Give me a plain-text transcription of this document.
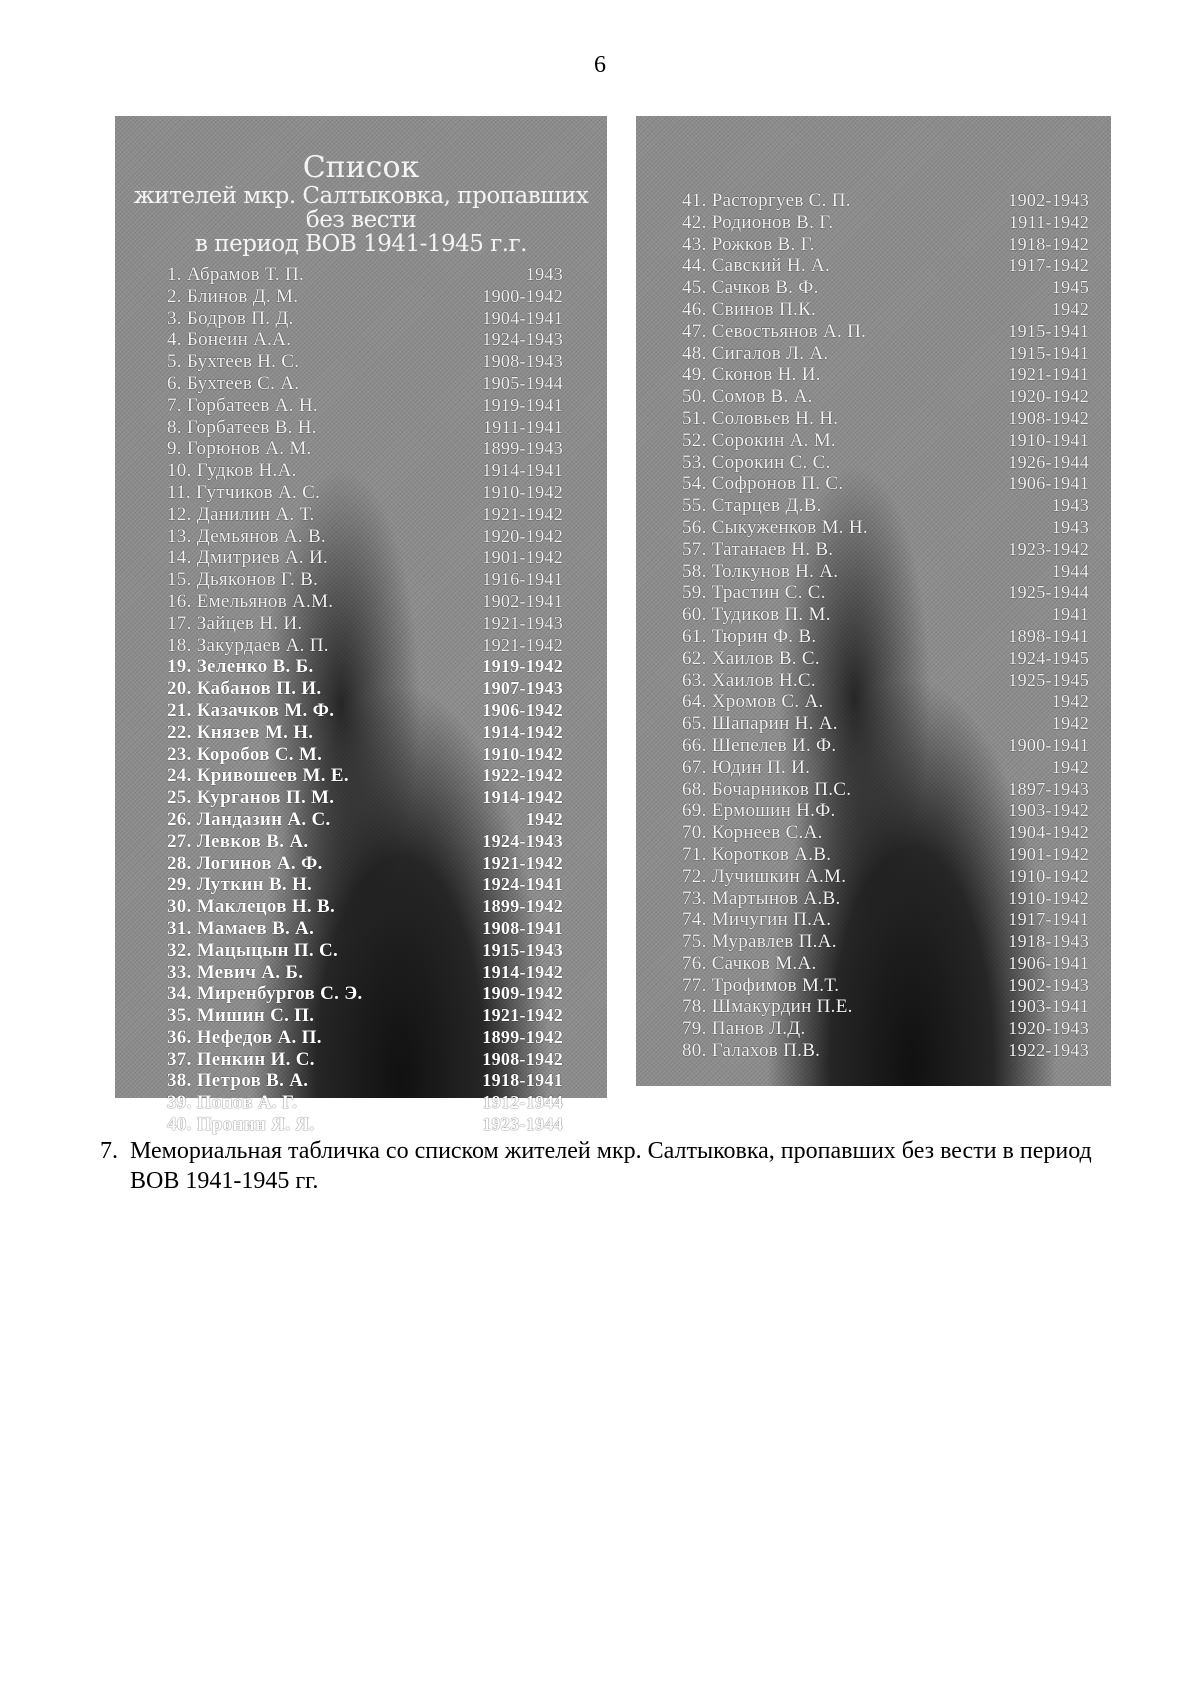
6
Список
жителей мкр. Салтыковка, пропавших без вести
в период ВОВ 1941-1945 г.г.
1. Абрамов Т. П.	1943
2. Блинов Д. М.	1900-1942
3. Бодров П. Д.	1904-1941
4. Бонеин А.А.	1924-1943
5. Бухтеев Н. С.	1908-1943
6. Бухтеев С. А.	1905-1944
7. Горбатеев А. Н.	1919-1941
8. Горбатеев В. Н.	1911-1941
9. Горюнов А. М.	1899-1943
10. Гудков Н.А.	1914-1941
11. Гутчиков А. С.	1910-1942
12. Данилин А. Т.	1921-1942
13. Демьянов А. В.	1920-1942
14. Дмитриев А. И.	1901-1942
15. Дьяконов Г. В.	1916-1941
16. Емельянов А.М.	1902-1941
17. Зайцев Н. И.	1921-1943
18. Закурдаев А. П.	1921-1942
19. Зеленко В. Б.	1919-1942
20. Кабанов П. И.	1907-1943
21. Казачков М. Ф.	1906-1942
22. Князев М. Н.	1914-1942
23. Коробов С. М.	1910-1942
24. Кривошеев М. Е.	1922-1942
25. Курганов П. М.	1914-1942
26. Ландазин А. С.	1942
27. Левков В. А.	1924-1943
28. Логинов А. Ф.	1921-1942
29. Луткин В. Н.	1924-1941
30. Маклецов Н. В.	1899-1942
31. Мамаев В. А.	1908-1941
32. Мацыцын П. С.	1915-1943
33. Мевич А. Б.	1914-1942
34. Миренбургов С. Э.	1909-1942
35. Мишин С. П.	1921-1942
36. Нефедов А. П.	1899-1942
37. Пенкин И. С.	1908-1942
38. Петров В. А.	1918-1941
39. Попов А. Г.	1912-1944
40. Пронин Я. Я.	1923-1944
41. Расторгуев С. П.	1902-1943
42. Родионов В. Г.	1911-1942
43. Рожков В. Г.	1918-1942
44. Савский Н. А.	1917-1942
45. Сачков В. Ф.	1945
46. Свинов П.К.	1942
47. Севостьянов А. П.	1915-1941
48. Сигалов Л. А.	1915-1941
49. Сконов Н. И.	1921-1941
50. Сомов В. А.	1920-1942
51. Соловьев Н. Н.	1908-1942
52. Сорокин А. М.	1910-1941
53. Сорокин С. С.	1926-1944
54. Софронов П. С.	1906-1941
55. Старцев Д.В.	1943
56. Сыкуженков М. Н.	1943
57. Татанаев Н. В.	1923-1942
58. Толкунов Н. А.	1944
59. Трастин С. С.	1925-1944
60. Тудиков П. М.	1941
61. Тюрин Ф. В.	1898-1941
62. Хаилов В. С.	1924-1945
63. Хаилов Н.С.	1925-1945
64. Хромов С. А.	1942
65. Шапарин Н. А.	1942
66. Шепелев И. Ф.	1900-1941
67. Юдин П. И.	1942
68. Бочарников П.С.	1897-1943
69. Ермошин Н.Ф.	1903-1942
70. Корнеев С.А.	1904-1942
71. Коротков А.В.	1901-1942
72. Лучишкин А.М.	1910-1942
73. Мартынов А.В.	1910-1942
74. Мичугин П.А.	1917-1941
75. Муравлев П.А.	1918-1943
76. Сачков М.А.	1906-1941
77. Трофимов М.Т.	1902-1943
78. Шмакурдин П.Е.	1903-1941
79. Панов Л.Д.	1920-1943
80. Галахов П.В.	1922-1943
7. Мемориальная табличка со списком жителей мкр. Салтыковка, пропавших без вести в период ВОВ 1941-1945 гг.
